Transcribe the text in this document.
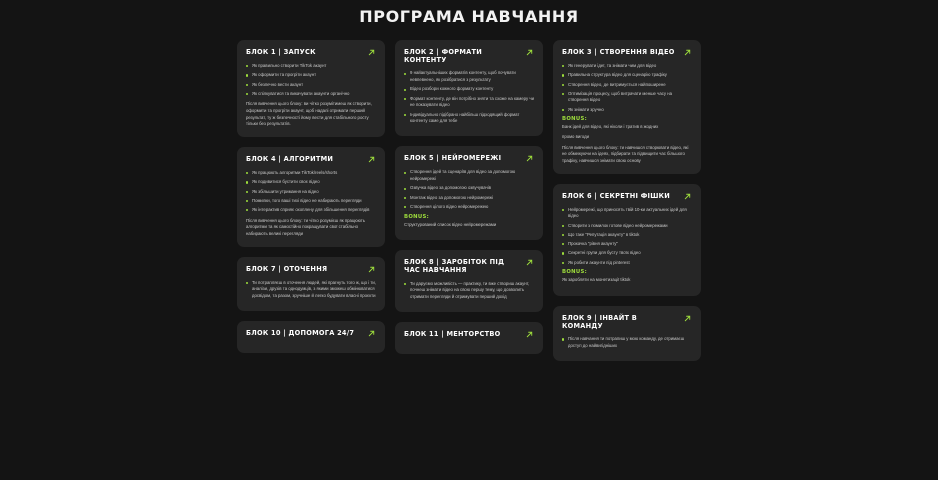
ПРОГРАМА НАВЧАННЯ
БЛОК 1 | ЗАПУСК
Як правильно створити TikTok акаунт
Як оформити та прогріти акаунт
Як безпечно вести акаунт
Як спілкуватися та викачувати акаунти органічно

Після вивчення цього блоку: ви чітко розумітимеш як створити, оформити та прогріти акаунт, щоб надалі отримати перший результат, ту ж безпечності йому вести для стабільного росту тільки без результатів.

БЛОК 4 | АЛГОРИТМИ
Як працюють алгоритми TikTok/reels/shorts
Як подивитися бустити своє відео
Як збільшити утримання на відео
Помилки, того ваші тихі відео не набирають перегляди
Як інтерактив сприяє охоплену для збільшення переглядів

Після вивчення цього блоку: ти чітко розумієш як працюють алгоритми та як самостійно покращувати свої стабільно набирають великі перегляди

БЛОК 7 | ОТОЧЕННЯ
Ти потрапляєш в оточення людей, які прагнуть того ж, що і ти, аналізи, друзів та однодумців, з якими зможеш обмінюватися досвідом, та разом, зручніше й легко будувати власні проєкти

БЛОК 10 | ДОПОМОГА 24/7

БЛОК 2 | ФОРМАТИ КОНТЕНТУ
9 найактуальніших форматів контенту, щоб почувати невпевнено, як розібратися з результату
Відео розбори кожного формату контенту
Формат контенту, де він потрібно зняти та схоже на камеру чи не показувати відео
Індивідуально підібрано найбільш підходящий формат контенту саме для тебе

БЛОК 5 | НЕЙРОМЕРЕЖІ
Створення ідей та сценаріїв для відео за допомогою нейромережі
Озвучка відео за допомогою озвучувачів
Монтаж відео за допомогою нейромережі
Створення цілого відео нейромережею
BONUS:

Структурований список відео нейромережами

БЛОК 8 | ЗАРОБІТОК ПІД ЧАС НАВЧАННЯ
Ти даруємо можливість — практику, ти вже створиш акаунт, почнеш знімати відео на свою першу тему, що дозволить отримати перегляди й отримувати перший дохід

БЛОК 11 | МЕНТОРСТВО

БЛОК 3 | СТВОРЕННЯ ВІДЕО
Як генерувати ідеї, та знімати чим для відео
Правильна структура відео для сценарію трафіку
Створення відео, де витримується найпоширене
Оптимізація процесу, щоб витрачати менше часу на створення відео
Як знімати зручно
BONUS:

Банк ідей для відео, які ніколи і тратив в жодних

промо вигоди

Після вивчення цього блоку: ти навчишся створювати відео, які не обмежуючи на ідеях, підбирати та підвищити час більшого трафіку, навчишся знімати свою основу

БЛОК 6 | СЕКРЕТНІ ФІШКИ
Нейромережі, що приносять твій 10-ки актуальних ідей для відео
Створити з помилок готове відео нейромережами
Що таке "Репутація акаунту" в tiktok
Прокачка "рівня акаунту"
Секретні групи для бусту твоїх відео
Як робити акаунти під pinterest
BONUS:

Як заробляти на монетизації tiktok

БЛОК 9 | ІНВАЙТ В КОМАНДУ
Після навчання ти потрапиш у мою команду, де отримаєш доступ до найвигідніших
